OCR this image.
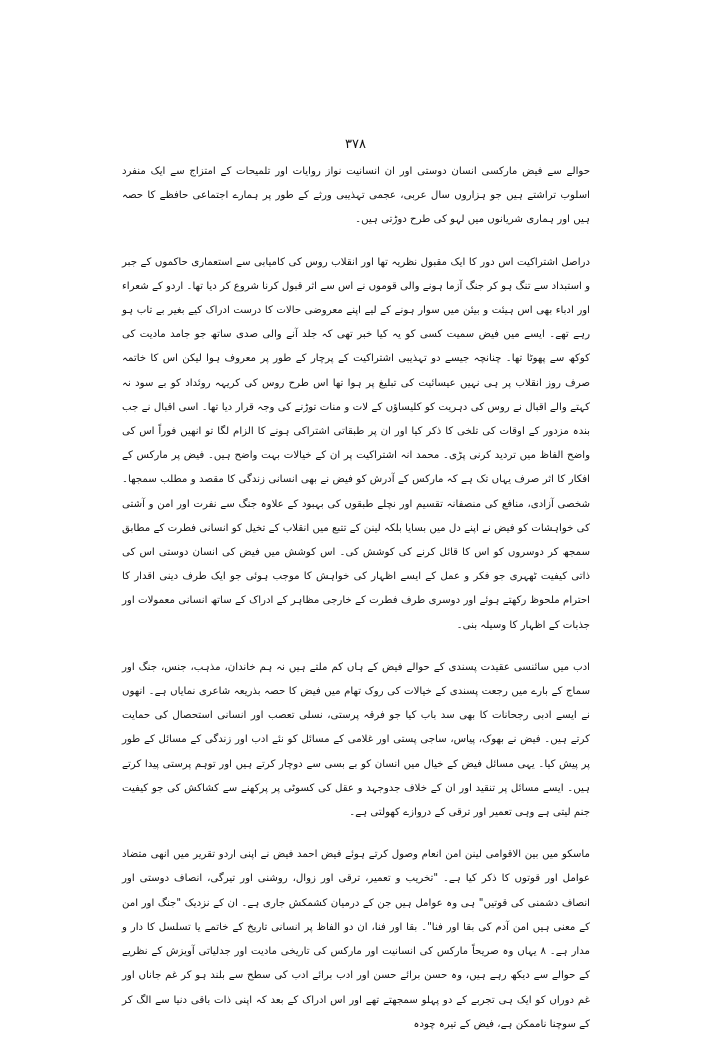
۳۷۸

حوالے سے فیض مارکسی انسان دوستی اور ان انسانیت نواز روایات اور تلمیحات کے امتزاج سے ایک منفرد اسلوب تراشتے ہیں جو ہزاروں سال عربی، عجمی تہذیبی ورثے کے طور پر ہمارے اجتماعی حافظے کا حصہ ہیں اور ہماری شریانوں میں لہو کی طرح دوڑتی ہیں۔

دراصل اشتراکیت اس دور کا ایک مقبول نظریہ تھا اور انقلاب روس کی کامیابی سے استعماری حاکموں کے جبر و استبداد سے تنگ ہو کر جنگ آزما ہونے والی قوموں نے اس سے اثر قبول کرنا شروع کر دیا تھا۔ اردو کے شعراء اور ادباء بھی اس ہیئت و بیئن میں سوار ہونے کے لیے اپنے معروضی حالات کا درست ادراک کیے بغیر بے تاب ہو رہے تھے۔ ایسے میں فیض سمیت کسی کو یہ کیا خبر تھی کہ جلد آنے والی صدی ساتھ جو جامد مادیت کی کوکھ سے پھوٹا تھا۔ چنانچہ جیسے دو تہذیبی اشتراکیت کے پرچار کے طور پر معروف ہوا لیکن اس کا خاتمہ صرف روز انقلاب پر ہی نہیں عیسائیت کی تبلیغ پر ہوا تھا اس طرح روس کی کریہہ روئداد کو بے سود نہ کہتے والے اقبال نے روس کی دہریت کو کلیساؤں کے لات و منات توڑنے کی وجہ قرار دیا تھا۔ اسی اقبال نے جب بندہ مزدور کے اوقات کی تلخی کا ذکر کیا اور ان پر طبقاتی اشتراکی ہونے کا الزام لگا تو انھیں فوراً اس کی واضح الفاظ میں تردید کرنی پڑی۔ محمد انہ اشتراکیت پر ان کے خیالات بہت واضح ہیں۔ فیض پر مارکس کے افکار کا اثر صرف یہاں تک ہے کہ مارکس کے آدرش کو فیض نے بھی انسانی زندگی کا مقصد و مطلب سمجھا۔ شخصی آزادی، منافع کی منصفانہ تقسیم اور نچلے طبقوں کی بہبود کے علاوہ جنگ سے نفرت اور امن و آشتی کی خواہشات کو فیض نے اپنے دل میں بسایا بلکہ لینن کے تتبع میں انقلاب کے تخیل کو انسانی فطرت کے مطابق سمجھ کر دوسروں کو اس کا قائل کرنے کی کوشش کی۔ اس کوشش میں فیض کی انسان دوستی اس کی ذاتی کیفیت ٹھہری جو فکر و عمل کے ایسے اظہار کی خواہش کا موجب ہوئی جو ایک طرف دینی اقدار کا احترام ملحوظ رکھتے ہوئے اور دوسری طرف فطرت کے خارجی مظاہر کے ادراک کے ساتھ انسانی معمولات اور جذبات کے اظہار کا وسیلہ بنی۔

ادب میں سائنسی عقیدت پسندی کے حوالے فیض کے ہاں کم ملتے ہیں نہ ہم خاندان، مذہب، جنس، جنگ اور سماج کے بارے میں رجعت پسندی کے خیالات کی روک تھام میں فیض کا حصہ بذریعہ شاعری نمایاں ہے۔ انھوں نے ایسے ادبی رجحانات کا بھی سد باب کیا جو فرقہ پرستی، نسلی تعصب اور انسانی استحصال کی حمایت کرتے ہیں۔ فیض نے بھوک، پیاس، ساجی پستی اور غلامی کے مسائل کو نئے ادب اور زندگی کے مسائل کے طور پر پیش کیا۔ یہی مسائل فیض کے خیال میں انسان کو بے بسی سے دوچار کرتے ہیں اور توہم پرستی پیدا کرتے ہیں۔ ایسے مسائل پر تنقید اور ان کے خلاف جدوجہد و عقل کی کسوٹی پر پرکھنے سے کشاکش کی جو کیفیت جنم لیتی ہے وہی تعمیر اور ترقی کے دروازے کھولتی ہے۔

ماسکو میں بین الاقوامی لینن امن انعام وصول کرتے ہوئے فیض احمد فیض نے اپنی اردو تقریر میں انھی متضاد عوامل اور قوتوں کا ذکر کیا ہے۔ "تخریب و تعمیر، ترقی اور زوال، روشنی اور تیرگی، انصاف دوستی اور انصاف دشمنی کی قوتیں" ہی وہ عوامل ہیں جن کے درمیان کشمکش جاری ہے۔ ان کے نزدیک "جنگ اور امن کے معنی ہیں امن آدم کی بقا اور فنا"۔ بقا اور فنا، ان دو الفاظ پر انسانی تاریخ کے خاتمے یا تسلسل کا دار و مدار ہے۔ ۸ یہاں وہ صریحاً مارکس کی انسانیت اور مارکس کی تاریخی مادیت اور جدلیاتی آویزش کے نظریے کے حوالے سے دیکھ رہے ہیں، وہ حسن برائے حسن اور ادب برائے ادب کی سطح سے بلند ہو کر غم جاناں اور غم دوراں کو ایک ہی تجربے کے دو پہلو سمجھتے تھے اور اس ادراک کے بعد کہ اپنی ذات باقی دنیا سے الگ کر کے سوچنا ناممکن ہے، فیض کے تیرہ چودہ
